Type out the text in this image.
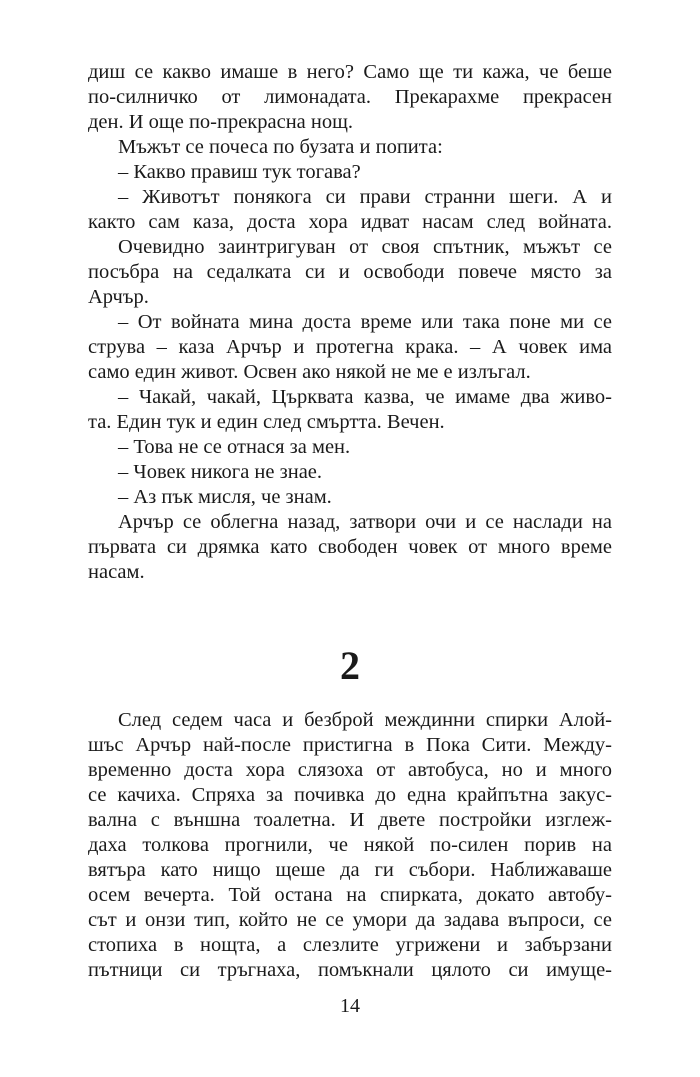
диш се какво имаше в него? Само ще ти кажа, че беше
по-силничко от лимонадата. Прекарахме прекрасен
ден. И още по-прекрасна нощ.
Мъжът се почеса по бузата и попита:
– Какво правиш тук тогава?
– Животът понякога си прави странни шеги. А и
както сам каза, доста хора идват насам след войната.
Очевидно заинтригуван от своя спътник, мъжът се
посъбра на седалката си и освободи повече място за
Арчър.
– От войната мина доста време или така поне ми се
струва – каза Арчър и протегна крака. – А човек има
само един живот. Освен ако някой не ме е излъгал.
– Чакай, чакай, Църквата казва, че имаме два живо-
та. Един тук и един след смъртта. Вечен.
– Това не се отнася за мен.
– Човек никога не знае.
– Аз пък мисля, че знам.
Арчър се облегна назад, затвори очи и се наслади на
първата си дрямка като свободен човек от много време
насам.
2
След седем часа и безброй междинни спирки Алой-
шъс Арчър най-после пристигна в Пока Сити. Между-
временно доста хора слязоха от автобуса, но и много
се качиха. Спряха за почивка до една крайпътна закус-
вална с външна тоалетна. И двете постройки изглеж-
даха толкова прогнили, че някой по-силен порив на
вятъра като нищо щеше да ги събори. Наближаваше
осем вечерта. Той остана на спирката, докато автобу-
сът и онзи тип, който не се умори да задава въпроси, се
стопиха в нощта, а слезлите угрижени и забързани
пътници си тръгнаха, помъкнали цялото си имуще-
14
